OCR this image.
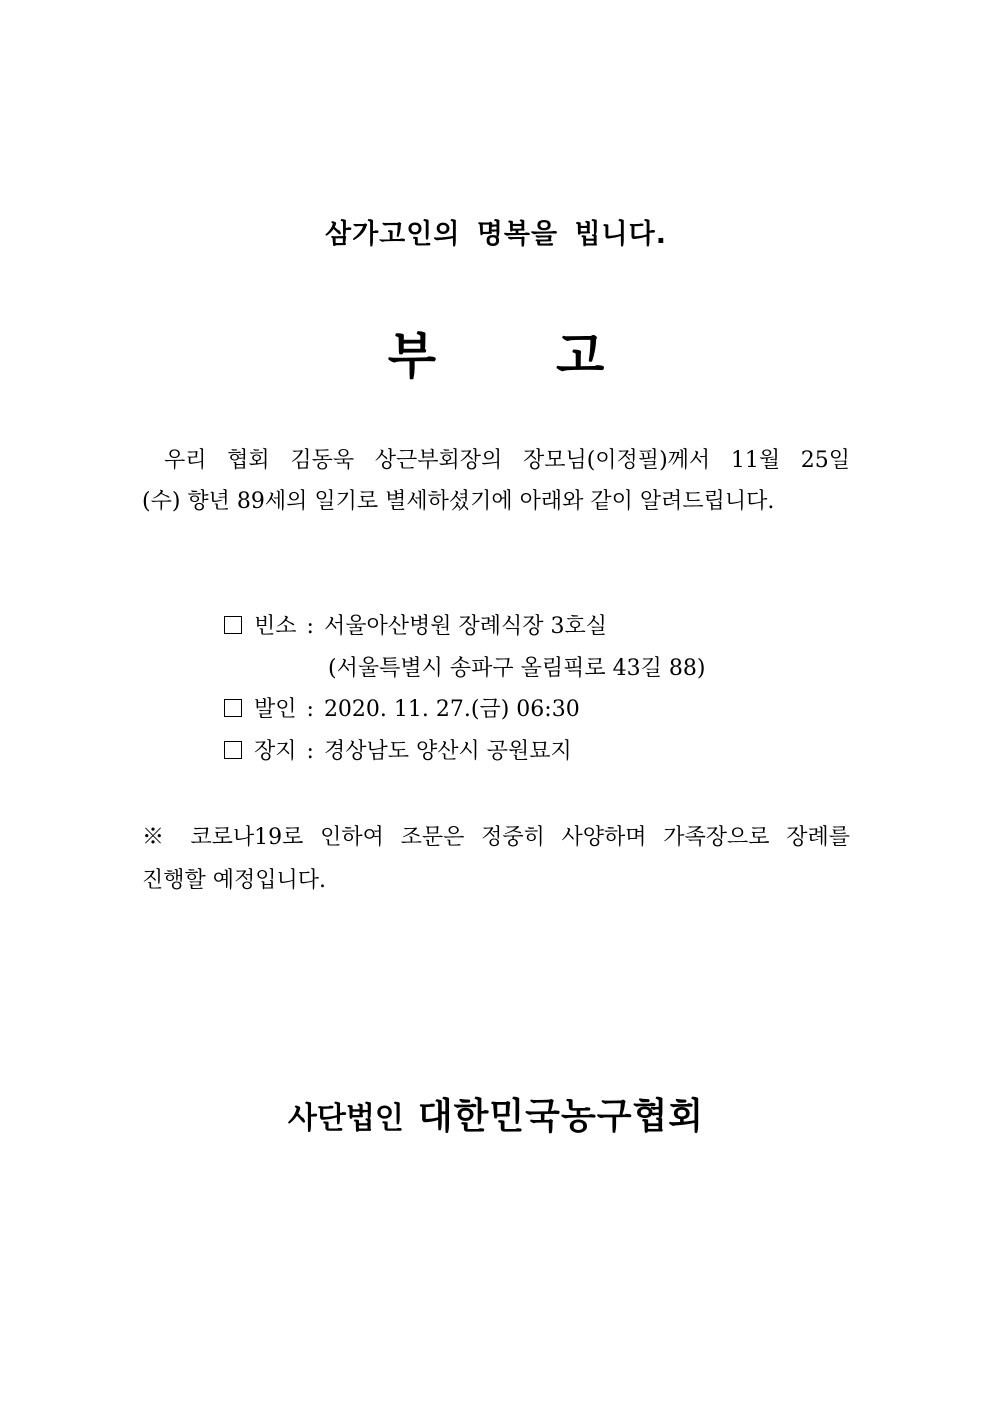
삼가고인의 명복을 빕니다.
부 고
우리 협회 김동욱 상근부회장의 장모님(이정필)께서 11월 25일
(수) 향년 89세의 일기로 별세하셨기에 아래와 같이 알려드립니다.
빈소 : 서울아산병원 장례식장 3호실
(서울특별시 송파구 올림픽로 43길 88)
발인 : 2020. 11. 27.(금) 06:30
장지 : 경상남도 양산시 공원묘지
※ 코로나19로 인하여 조문은 정중히 사양하며 가족장으로 장례를
진행할 예정입니다.
사단법인 대한민국농구협회
